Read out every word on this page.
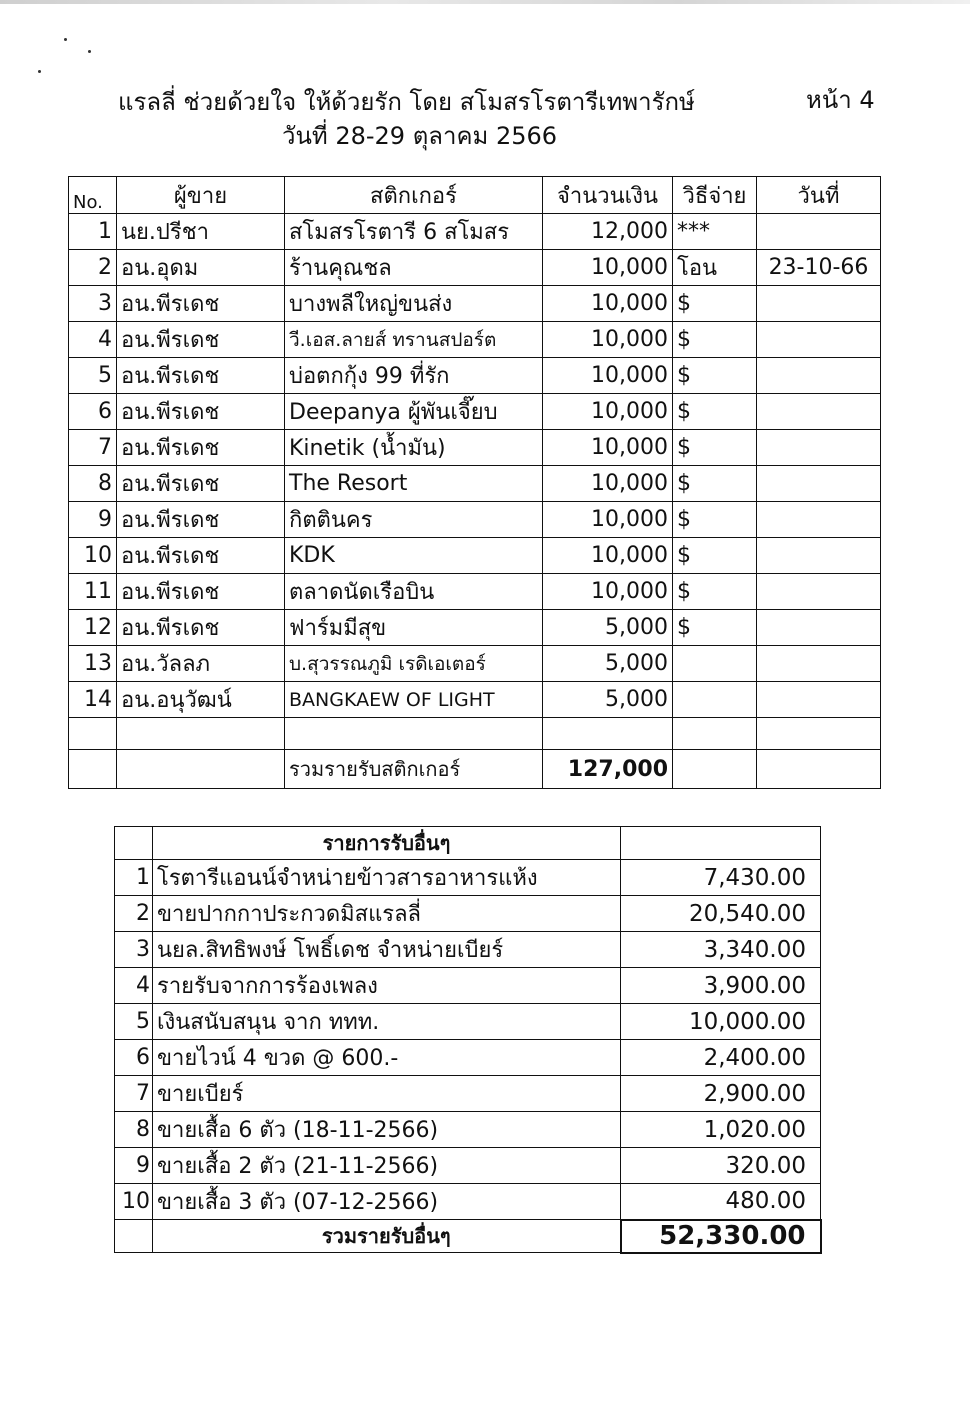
แรลลี่ ช่วยด้วยใจ ให้ด้วยรัก โดย สโมสรโรตารีเทพารักษ์
วันที่ 28-29 ตุลาคม 2566
หน้า 4
No.	ผู้ขาย	สติกเกอร์	จำนวนเงิน	วิธีจ่าย	วันที่
1	นย.ปรีชา	สโมสรโรตารี 6 สโมสร	12,000	***	
2	อน.อุดม	ร้านคุณชล	10,000	โอน	23-10-66
3	อน.พีรเดช	บางพลีใหญ่ขนส่ง	10,000	$	
4	อน.พีรเดช	วี.เอส.ลายส์ ทรานสปอร์ต	10,000	$	
5	อน.พีรเดช	บ่อตกกุ้ง 99 ที่รัก	10,000	$	
6	อน.พีรเดช	Deepanya ผู้พันเจี๊ยบ	10,000	$	
7	อน.พีรเดช	Kinetik (น้ำมัน)	10,000	$	
8	อน.พีรเดช	The Resort	10,000	$	
9	อน.พีรเดช	กิตตินคร	10,000	$	
10	อน.พีรเดช	KDK	10,000	$	
11	อน.พีรเดช	ตลาดนัดเรือบิน	10,000	$	
12	อน.พีรเดช	ฟาร์มมีสุข	5,000	$	
13	อน.วัลลภ	บ.สุวรรณภูมิ เรดิเอเตอร์	5,000		
14	อน.อนุวัฒน์	BANGKAEW OF LIGHT	5,000		

		รวมรายรับสติกเกอร์	127,000		
	รายการรับอื่นๆ	
1	โรตารีแอนน์จำหน่ายข้าวสารอาหารแห้ง	7,430.00
2	ขายปากกาประกวดมิสแรลลี่	20,540.00
3	นยล.สิทธิพงษ์ โพธิ์เดช จำหน่ายเบียร์	3,340.00
4	รายรับจากการร้องเพลง	3,900.00
5	เงินสนับสนุน จาก ททท.	10,000.00
6	ขายไวน์ 4 ขวด @ 600.-	2,400.00
7	ขายเบียร์	2,900.00
8	ขายเสื้อ 6 ตัว (18-11-2566)	1,020.00
9	ขายเสื้อ 2 ตัว (21-11-2566)	320.00
10	ขายเสื้อ 3 ตัว (07-12-2566)	480.00
	รวมรายรับอื่นๆ	52,330.00
